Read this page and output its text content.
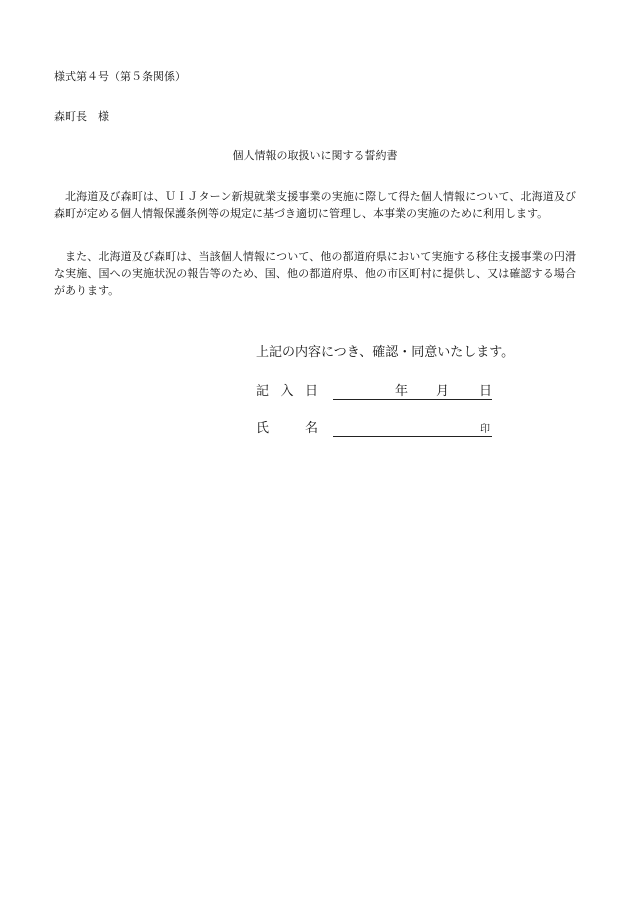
様式第４号（第５条関係）
森町長　様
個人情報の取扱いに関する誓約書

北海道及び森町は、ＵＩＪターン新規就業支援事業の実施に際して得た個人情報について、北海道及び森町が定める個人情報保護条例等の規定に基づき適切に管理し、本事業の実施のために利用します。

また、北海道及び森町は、当該個人情報について、他の都道府県において実施する移住支援事業の円滑な実施、国への実施状況の報告等のため、国、他の都道府県、他の市区町村に提供し、又は確認する場合があります。

上記の内容につき、確認・同意いたします。
記 入 日	年 月 日
氏	名	印
